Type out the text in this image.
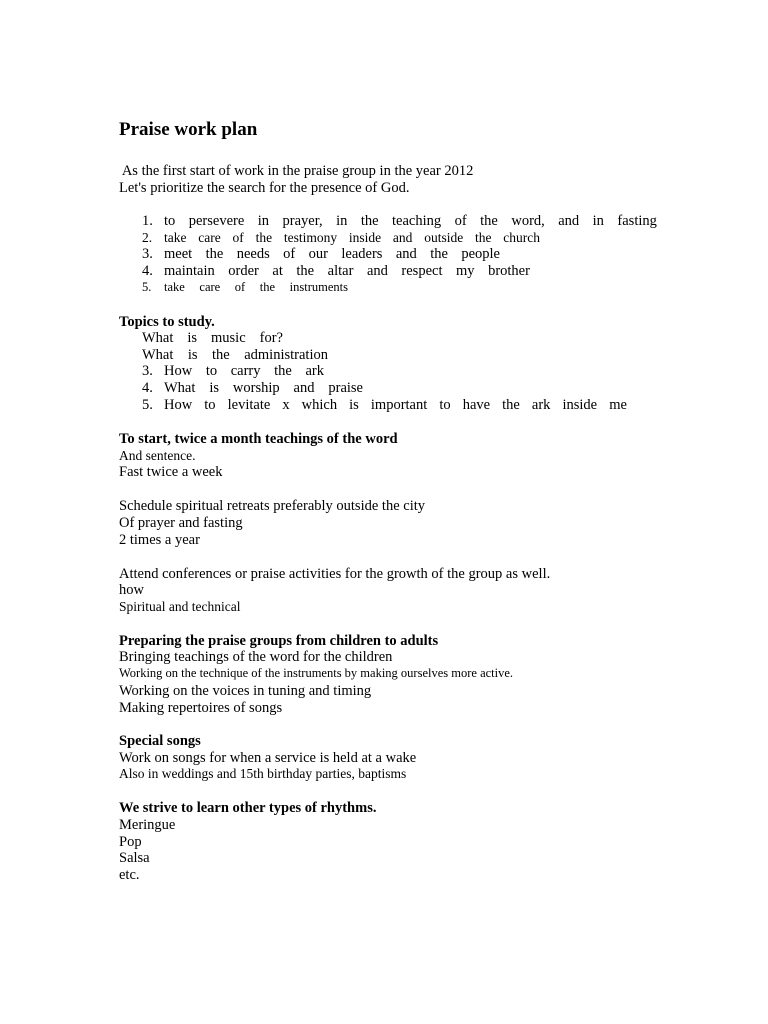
Praise work plan
As the first start of work in the praise group in the year 2012
Let's prioritize the search for the presence of God.
1. to persevere in prayer, in the teaching of the word, and in fasting
2. take care of the testimony inside and outside the church
3. meet the needs of our leaders and the people
4. maintain order at the altar and respect my brother
5. take care of the instruments
Topics to study.
What is music for?
What is the administration
3. How to carry the ark
4. What is worship and praise
5. How to levitate x which is important to have the ark inside me
To start, twice a month teachings of the word
And sentence.
Fast twice a week
Schedule spiritual retreats preferably outside the city
Of prayer and fasting
2 times a year
Attend conferences or praise activities for the growth of the group as well.
how
Spiritual and technical
Preparing the praise groups from children to adults
Bringing teachings of the word for the children
Working on the technique of the instruments by making ourselves more active.
Working on the voices in tuning and timing
Making repertoires of songs
Special songs
Work on songs for when a service is held at a wake
Also in weddings and 15th birthday parties, baptisms
We strive to learn other types of rhythms.
Meringue
Pop
Salsa
etc.
